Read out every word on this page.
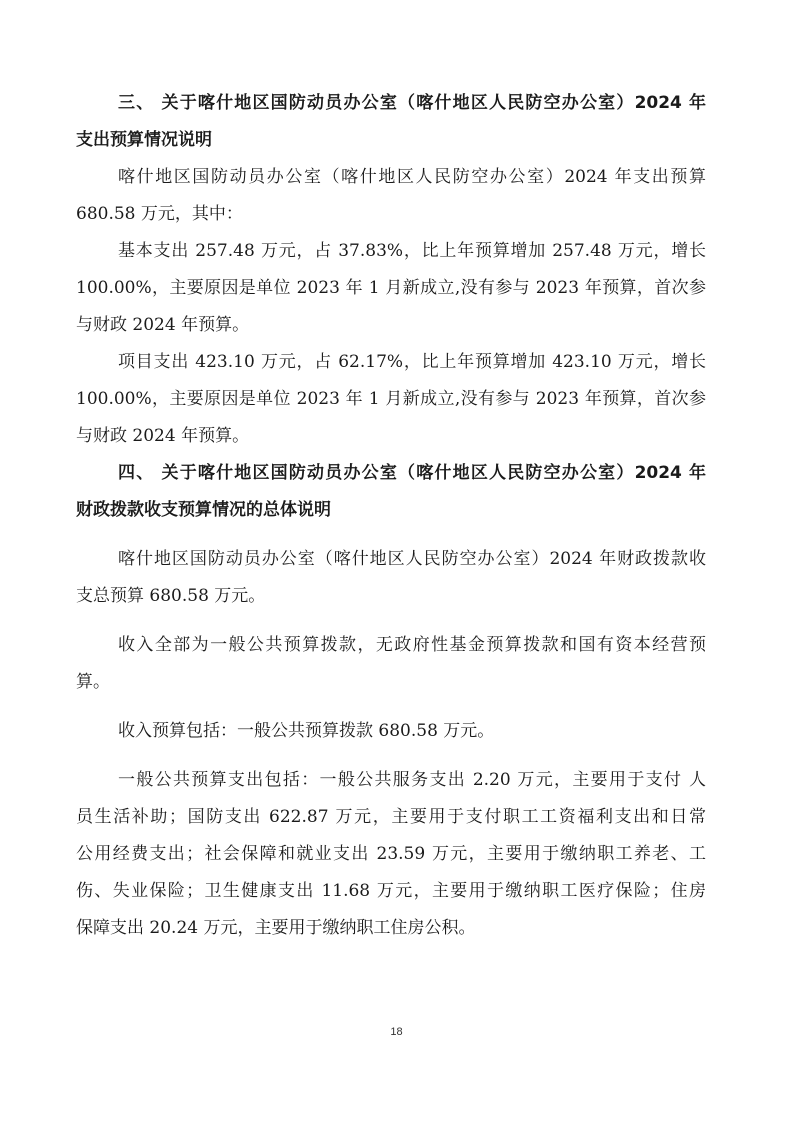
三、 关于喀什地区国防动员办公室（喀什地区人民防空办公室）2024 年
支出预算情况说明
喀什地区国防动员办公室（喀什地区人民防空办公室）2024 年支出预算
680.58 万元，其中：
基本支出 257.48 万元，占 37.83%，比上年预算增加 257.48 万元，增长
100.00%，主要原因是单位 2023 年 1 月新成立,没有参与 2023 年预算，首次参
与财政 2024 年预算。
项目支出 423.10 万元，占 62.17%，比上年预算增加 423.10 万元，增长
100.00%，主要原因是单位 2023 年 1 月新成立,没有参与 2023 年预算，首次参
与财政 2024 年预算。
四、 关于喀什地区国防动员办公室（喀什地区人民防空办公室）2024 年
财政拨款收支预算情况的总体说明
喀什地区国防动员办公室（喀什地区人民防空办公室）2024 年财政拨款收
支总预算 680.58 万元。
收入全部为一般公共预算拨款，无政府性基金预算拨款和国有资本经营预
算。
收入预算包括：一般公共预算拨款 680.58 万元。
一般公共预算支出包括：一般公共服务支出 2.20 万元，主要用于支付 人
员生活补助；国防支出 622.87 万元，主要用于支付职工工资福利支出和日常
公用经费支出；社会保障和就业支出 23.59 万元，主要用于缴纳职工养老、工
伤、失业保险；卫生健康支出 11.68 万元，主要用于缴纳职工医疗保险；住房
保障支出 20.24 万元，主要用于缴纳职工住房公积。
18
